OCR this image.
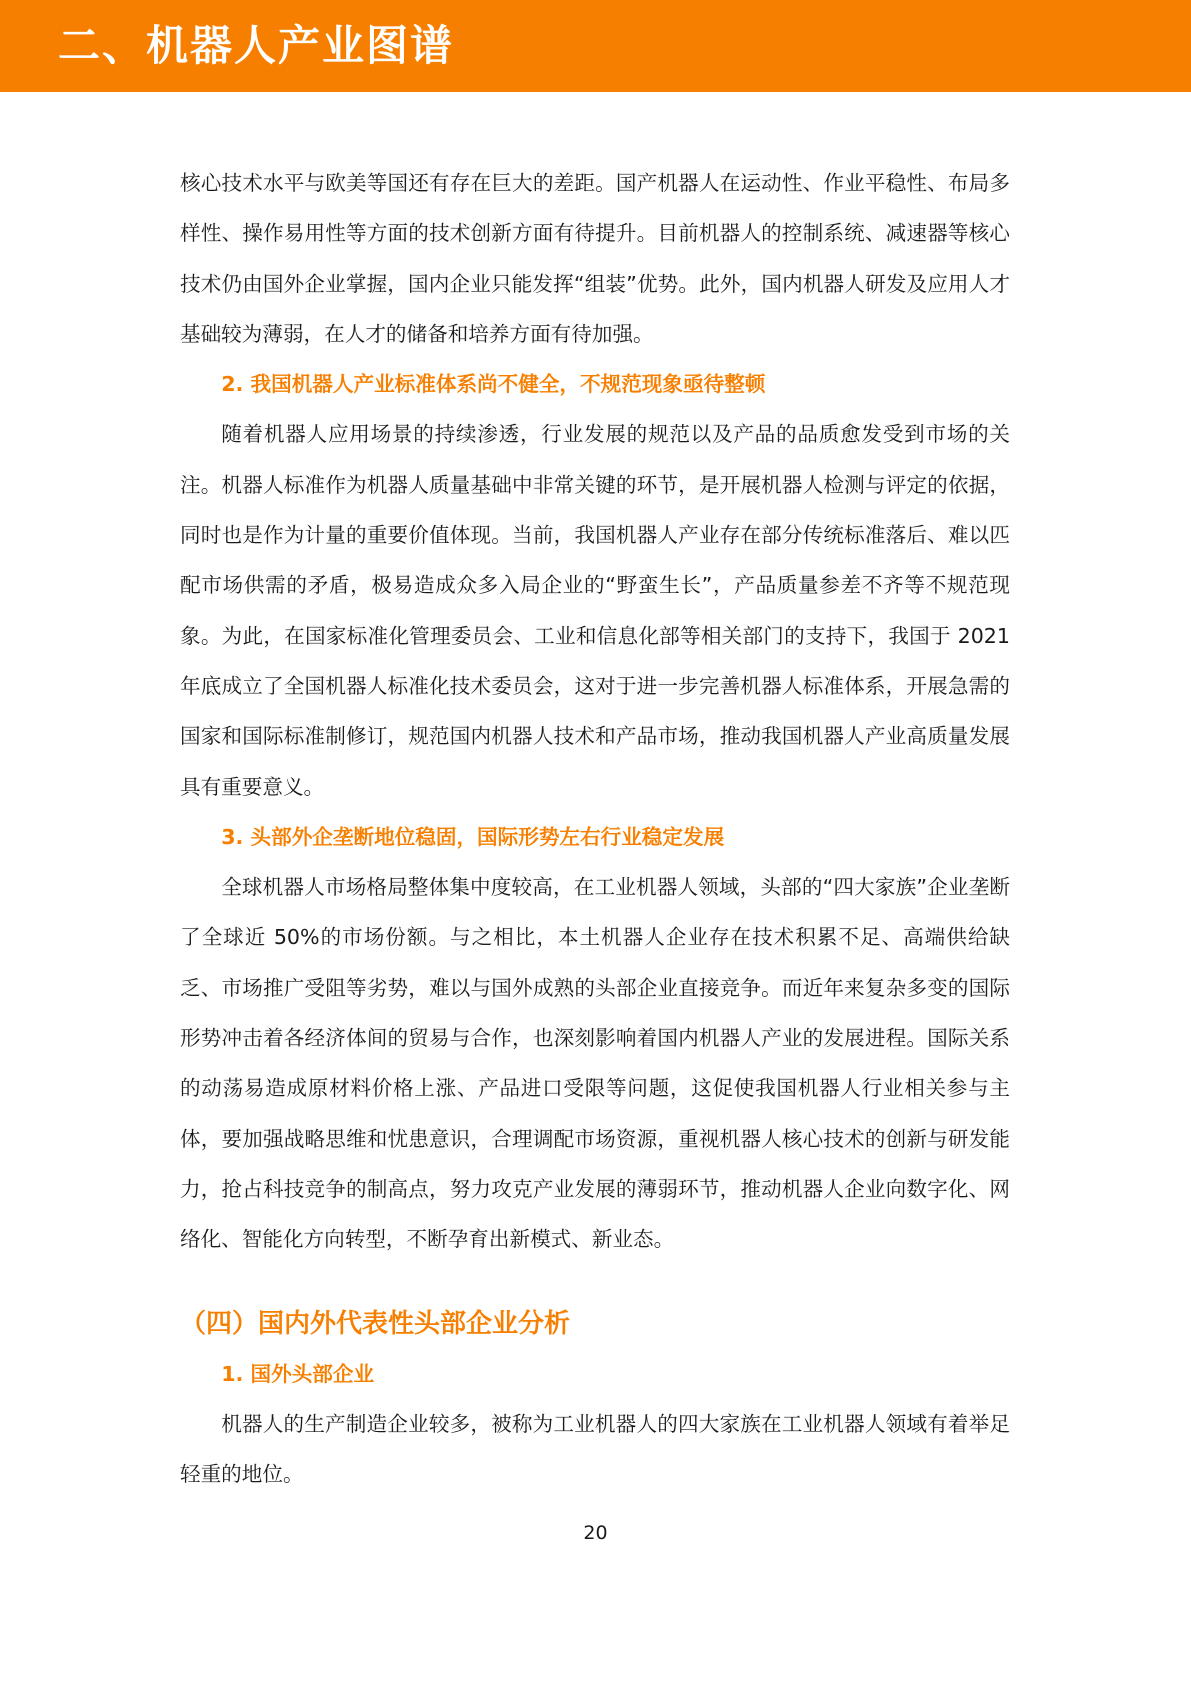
二、机器人产业图谱

核心技术水平与欧美等国还有存在巨大的差距。国产机器人在运动性、作业平稳性、布局多样性、操作易用性等方面的技术创新方面有待提升。目前机器人的控制系统、减速器等核心技术仍由国外企业掌握，国内企业只能发挥“组装”优势。此外，国内机器人研发及应用人才基础较为薄弱，在人才的储备和培养方面有待加强。

2. 我国机器人产业标准体系尚不健全，不规范现象亟待整顿

随着机器人应用场景的持续渗透，行业发展的规范以及产品的品质愈发受到市场的关注。机器人标准作为机器人质量基础中非常关键的环节，是开展机器人检测与评定的依据，同时也是作为计量的重要价值体现。当前，我国机器人产业存在部分传统标准落后、难以匹配市场供需的矛盾，极易造成众多入局企业的“野蛮生长”，产品质量参差不齐等不规范现象。为此，在国家标准化管理委员会、工业和信息化部等相关部门的支持下，我国于 2021 年底成立了全国机器人标准化技术委员会，这对于进一步完善机器人标准体系，开展急需的国家和国际标准制修订，规范国内机器人技术和产品市场，推动我国机器人产业高质量发展具有重要意义。

3. 头部外企垄断地位稳固，国际形势左右行业稳定发展

全球机器人市场格局整体集中度较高，在工业机器人领域，头部的“四大家族”企业垄断了全球近 50%的市场份额。与之相比，本土机器人企业存在技术积累不足、高端供给缺乏、市场推广受阻等劣势，难以与国外成熟的头部企业直接竞争。而近年来复杂多变的国际形势冲击着各经济体间的贸易与合作，也深刻影响着国内机器人产业的发展进程。国际关系的动荡易造成原材料价格上涨、产品进口受限等问题，这促使我国机器人行业相关参与主体，要加强战略思维和忧患意识，合理调配市场资源，重视机器人核心技术的创新与研发能力，抢占科技竞争的制高点，努力攻克产业发展的薄弱环节，推动机器人企业向数字化、网络化、智能化方向转型，不断孕育出新模式、新业态。

（四）国内外代表性头部企业分析

1. 国外头部企业

机器人的生产制造企业较多，被称为工业机器人的四大家族在工业机器人领域有着举足轻重的地位。

20
